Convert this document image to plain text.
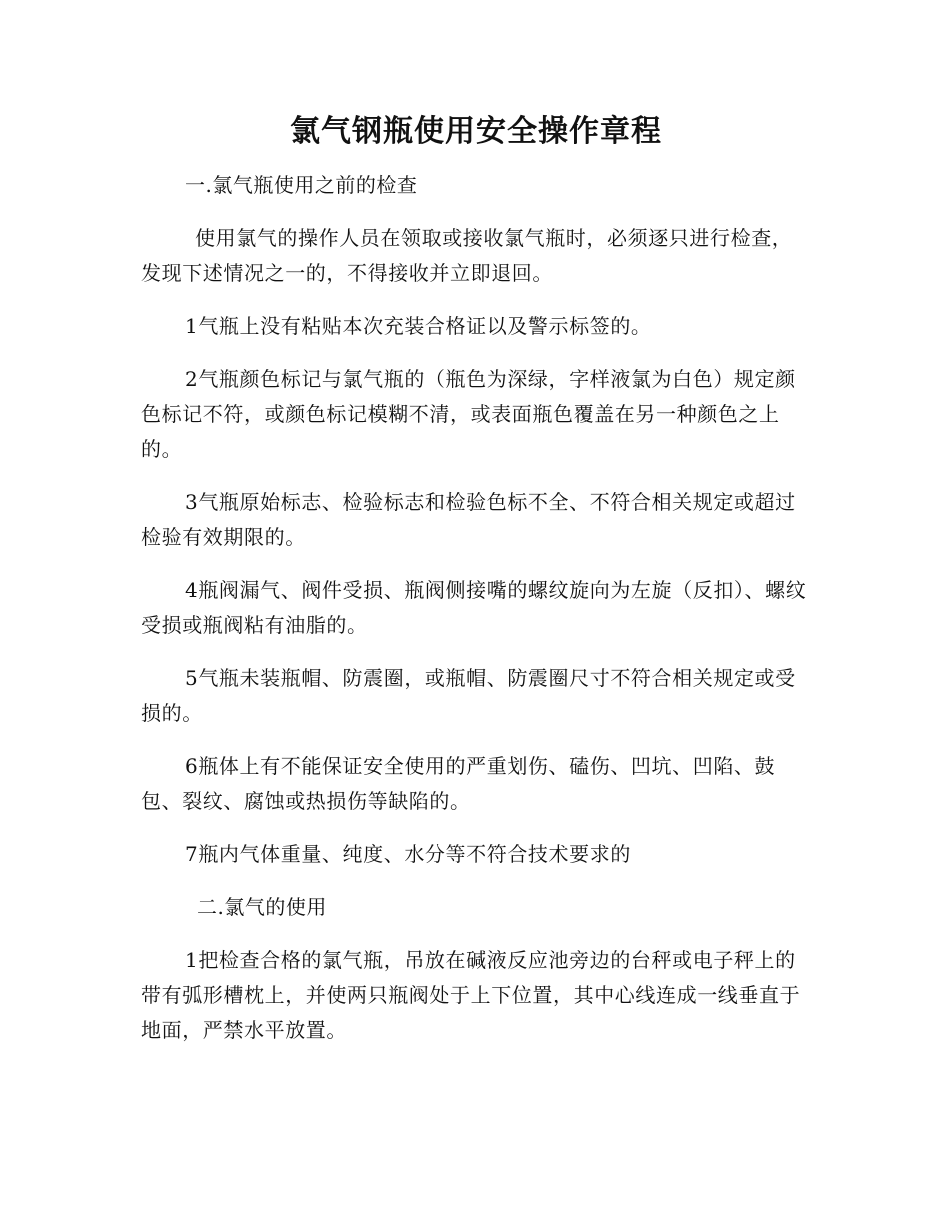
氯气钢瓶使用安全操作章程

一.氯气瓶使用之前的检查

使用氯气的操作人员在领取或接收氯气瓶时，必须逐只进行检查，发现下述情况之一的，不得接收并立即退回。

1气瓶上没有粘贴本次充装合格证以及警示标签的。

2气瓶颜色标记与氯气瓶的（瓶色为深绿，字样液氯为白色）规定颜色标记不符，或颜色标记模糊不清，或表面瓶色覆盖在另一种颜色之上的。

3气瓶原始标志、检验标志和检验色标不全、不符合相关规定或超过检验有效期限的。

4瓶阀漏气、阀件受损、瓶阀侧接嘴的螺纹旋向为左旋（反扣）、螺纹受损或瓶阀粘有油脂的。

5气瓶未装瓶帽、防震圈，或瓶帽、防震圈尺寸不符合相关规定或受损的。

6瓶体上有不能保证安全使用的严重划伤、磕伤、凹坑、凹陷、鼓包、裂纹、腐蚀或热损伤等缺陷的。

7瓶内气体重量、纯度、水分等不符合技术要求的

二.氯气的使用

1把检查合格的氯气瓶，吊放在碱液反应池旁边的台秤或电子秤上的带有弧形槽枕上，并使两只瓶阀处于上下位置，其中心线连成一线垂直于地面，严禁水平放置。
